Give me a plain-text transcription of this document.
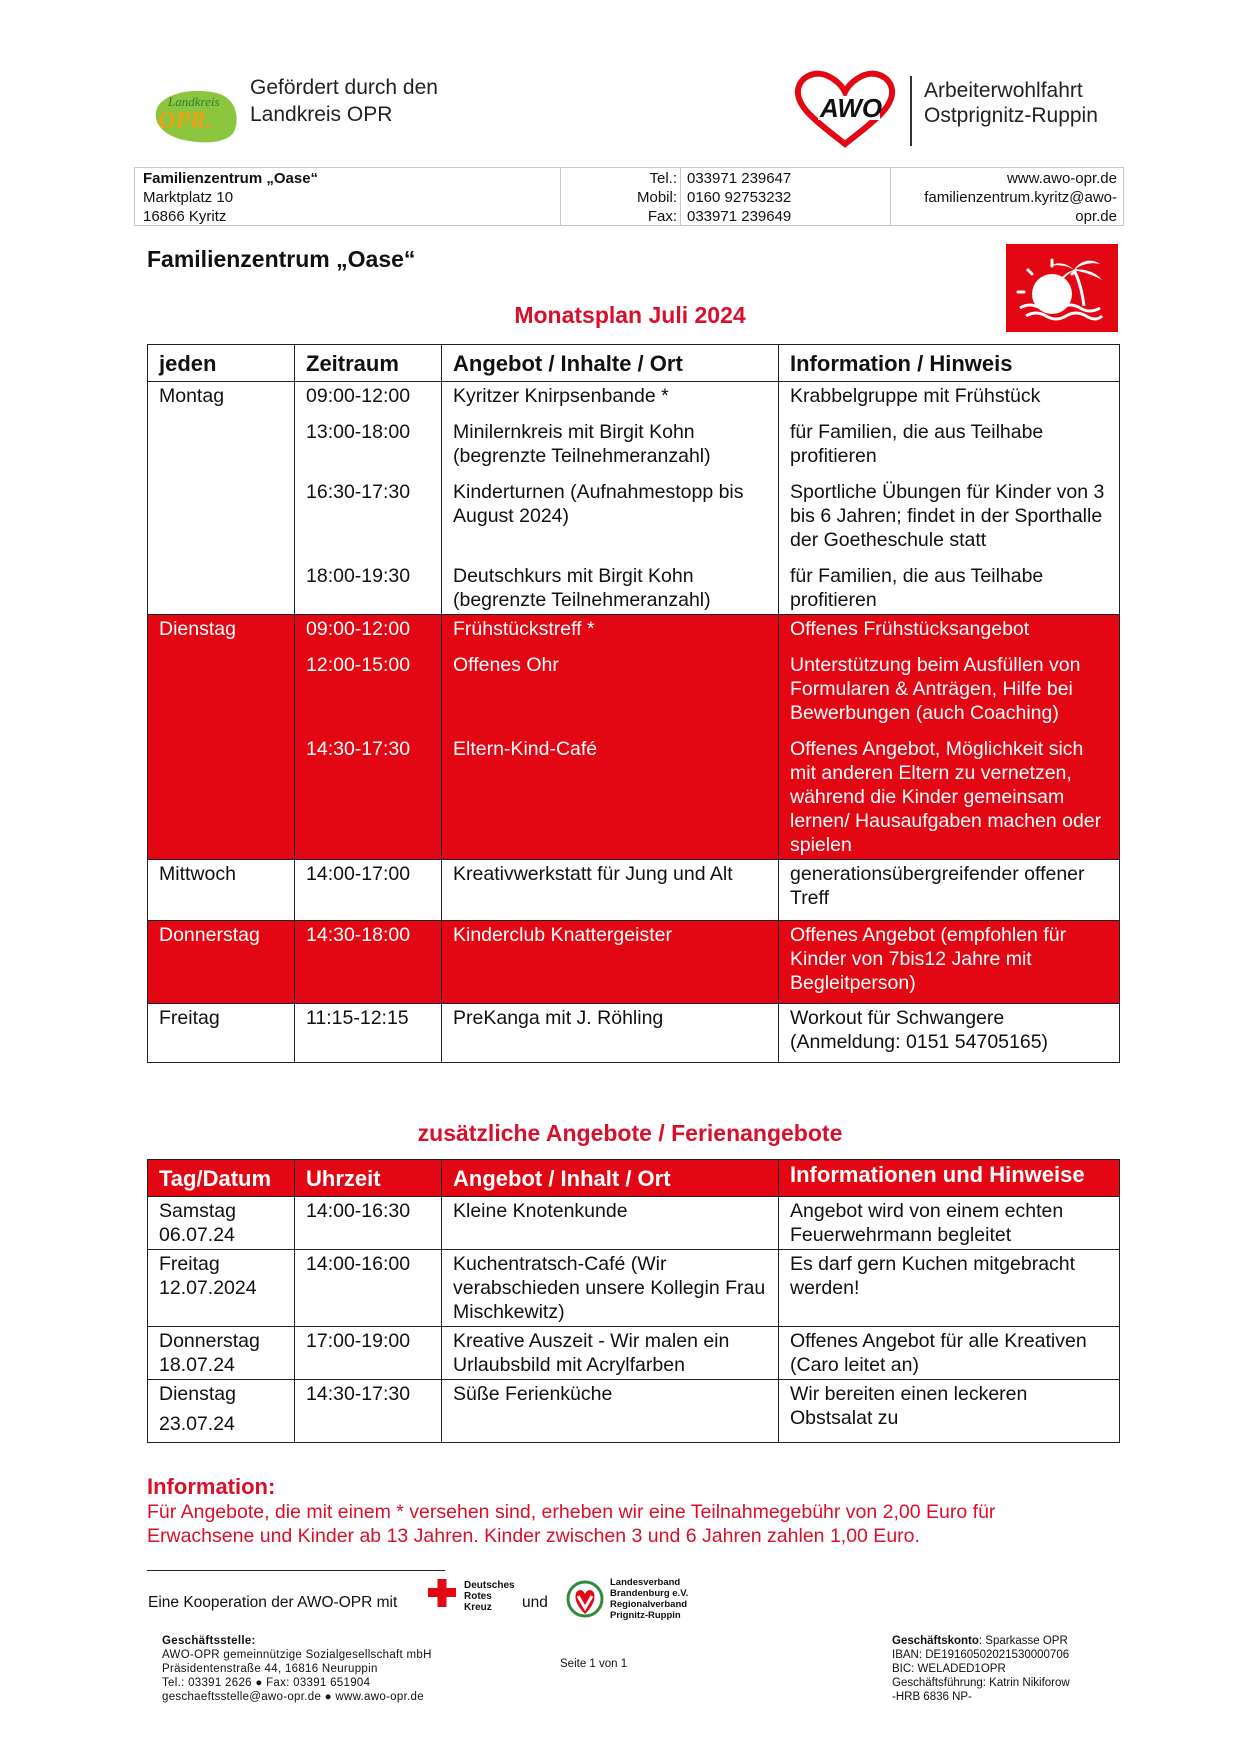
Landkreis
OPR.
Gefördert durch den
Landkreis OPR	AWO
Arbeiterwohlfahrt
Ostprignitz-Ruppin
Familienzentrum „Oase“
Marktplatz 10
16866 Kyritz
Tel.:
Mobil:
Fax:
033971 239647
0160 92753232
033971 239649
www.awo-opr.de
familienzentrum.kyritz@awo-opr.de
Familienzentrum „Oase“
Monatsplan Juli 2024
jeden	Zeitraum	Angebot / Inhalte / Ort	Information / Hinweis
Montag	09:00-12:00	Kyritzer Knirpsenbande *	Krabbelgruppe mit Frühstück
	13:00-18:00	Minilernkreis mit Birgit Kohn (begrenzte Teilnehmeranzahl)	für Familien, die aus Teilhabe profitieren
	16:30-17:30	Kinderturnen (Aufnahmestopp bis August 2024)	Sportliche Übungen für Kinder von 3 bis 6 Jahren; findet in der Sporthalle der Goetheschule statt
	18:00-19:30	Deutschkurs mit Birgit Kohn (begrenzte Teilnehmeranzahl)	für Familien, die aus Teilhabe profitieren
Dienstag	09:00-12:00	Frühstückstreff *	Offenes Frühstücksangebot
	12:00-15:00	Offenes Ohr	Unterstützung beim Ausfüllen von Formularen & Anträgen, Hilfe bei Bewerbungen (auch Coaching)
	14:30-17:30	Eltern-Kind-Café	Offenes Angebot, Möglichkeit sich mit anderen Eltern zu vernetzen, während die Kinder gemeinsam lernen/ Hausaufgaben machen oder spielen
Mittwoch	14:00-17:00	Kreativwerkstatt für Jung und Alt	generationsübergreifender offener Treff
Donnerstag	14:30-18:00	Kinderclub Knattergeister	Offenes Angebot (empfohlen für Kinder von 7bis12 Jahre mit Begleitperson)
Freitag	11:15-12:15	PreKanga mit J. Röhling	Workout für Schwangere (Anmeldung: 0151 54705165)
zusätzliche Angebote / Ferienangebote
Tag/Datum	Uhrzeit	Angebot / Inhalt / Ort	Informationen und Hinweise

Samstag
06.07.24	14:00-16:30	Kleine Knotenkunde	Angebot wird von einem echten Feuerwehrmann begleitet

Freitag
12.07.2024	14:00-16:00	Kuchentratsch-Café (Wir verabschieden unsere Kollegin Frau Mischkewitz)	Es darf gern Kuchen mitgebracht werden!

Donnerstag
18.07.24	17:00-19:00	Kreative Auszeit - Wir malen ein Urlaubsbild mit Acrylfarben	Offenes Angebot für alle Kreativen (Caro leitet an)

Dienstag
23.07.24	14:30-17:30	Süße Ferienküche	Wir bereiten einen leckeren Obstsalat zu
Information:
Für Angebote, die mit einem * versehen sind, erheben wir eine Teilnahmegebühr von 2,00 Euro für Erwachsene und Kinder ab 13 Jahren. Kinder zwischen 3 und 6 Jahren zahlen 1,00 Euro.
Eine Kooperation der AWO-OPR mit
Deutsches
Rotes
Kreuz und
Landesverband
Brandenburg e.V.
Regionalverband
Prignitz-Ruppin
Geschäftsstelle:
AWO-OPR gemeinnützige Sozialgesellschaft mbH
Präsidentenstraße 44, 16816 Neuruppin
Tel.: 03391 2626 ● Fax: 03391 651904
geschaeftsstelle@awo-opr.de ● www.awo-opr.de
Seite 1 von 1
Geschäftskonto: Sparkasse OPR
IBAN: DE19160502021530000706
BIC: WELADED1OPR
Geschäftsführung: Katrin Nikiforow
-HRB 6836 NP-
